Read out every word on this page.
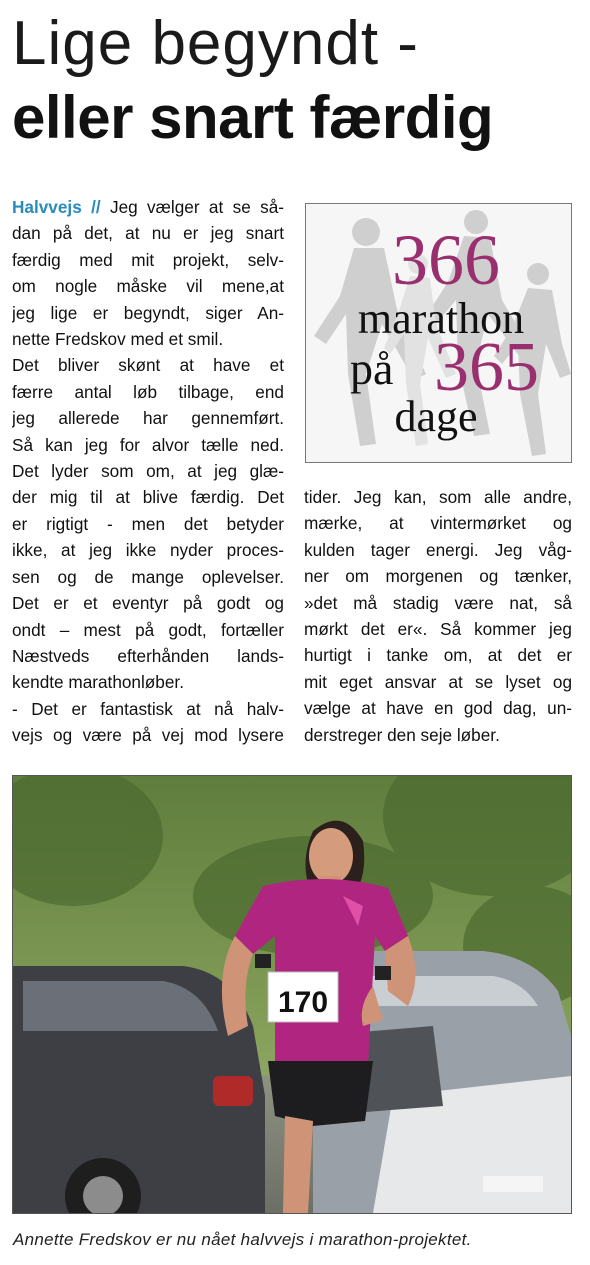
Lige begyndt -
eller snart færdig
Halvvejs // Jeg vælger at se så-
dan på det, at nu er jeg snart
færdig med mit projekt, selv-
om nogle måske vil mene,at
jeg lige er begyndt, siger An-
nette Fredskov med et smil.
Det bliver skønt at have et
færre antal løb tilbage, end
jeg allerede har gennemført.
Så kan jeg for alvor tælle ned.
Det lyder som om, at jeg glæ-
der mig til at blive færdig. Det
er rigtigt - men det betyder
ikke, at jeg ikke nyder proces-
sen og de mange oplevelser.
Det er et eventyr på godt og
ondt – mest på godt, fortæller
Næstveds efterhånden lands-
kendte marathonløber.
- Det er fantastisk at nå halv-
vejs og være på vej mod lysere
366
marathon
på 365
dage
tider. Jeg kan, som alle andre,
mærke, at vintermørket og
kulden tager energi. Jeg våg-
ner om morgenen og tænker,
»det må stadig være nat, så
mørkt det er«. Så kommer jeg
hurtigt i tanke om, at det er
mit eget ansvar at se lyset og
vælge at have en god dag, un-
derstreger den seje løber.
170
Annette Fredskov er nu nået halvvejs i marathon-projektet.
